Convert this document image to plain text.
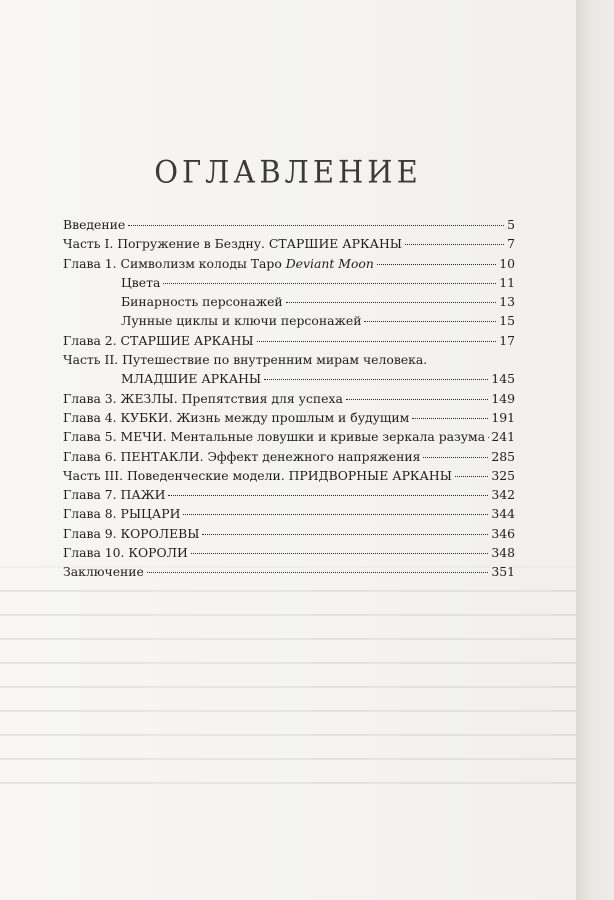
ОГЛАВЛЕНИЕ
Введение	5
Часть I. Погружение в Бездну. СТАРШИЕ АРКАНЫ	7
Глава 1. Символизм колоды Таро Deviant Moon	10
Цвета	11
Бинарность персонажей	13
Лунные циклы и ключи персонажей	15
Глава 2. СТАРШИЕ АРКАНЫ	17
Часть II. Путешествие по внутренним мирам человека.
МЛАДШИЕ АРКАНЫ	145
Глава 3. ЖЕЗЛЫ. Препятствия для успеха	149
Глава 4. КУБКИ. Жизнь между прошлым и будущим	191
Глава 5. МЕЧИ. Ментальные ловушки и кривые зеркала разума 241
Глава 6. ПЕНТАКЛИ. Эффект денежного напряжения	285
Часть III. Поведенческие модели. ПРИДВОРНЫЕ АРКАНЫ	325
Глава 7. ПАЖИ	342
Глава 8. РЫЦАРИ	344
Глава 9. КОРОЛЕВЫ	346
Глава 10. КОРОЛИ	348
Заключение	351
